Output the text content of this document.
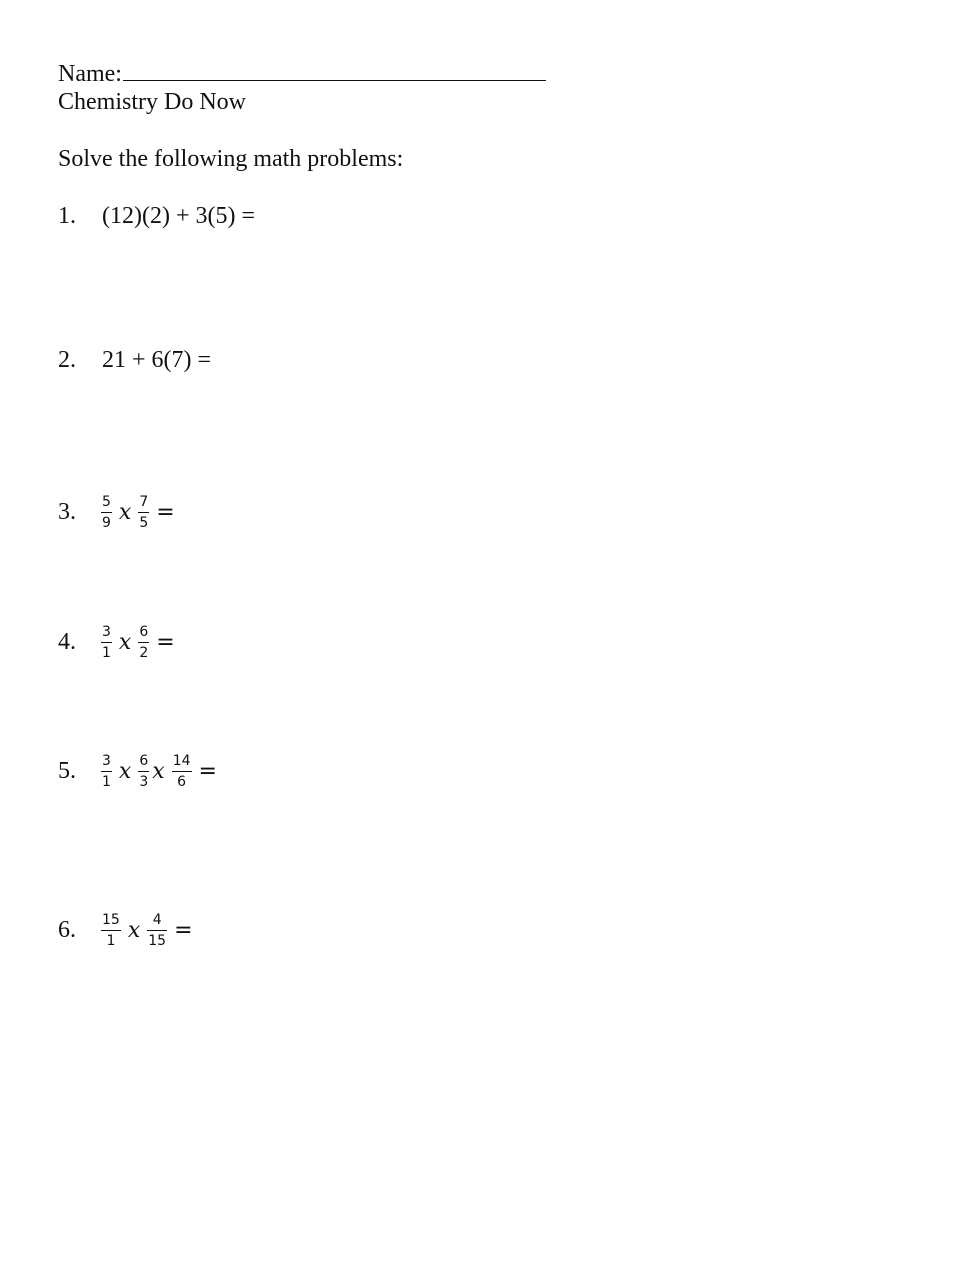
Name:
Chemistry Do Now
Solve the following math problems:
1.	(12)(2) + 3(5) =
2.	21 + 6(7) =
3.	$\frac{5}{9}$ x $\frac{7}{5}$ =
4.	$\frac{3}{1}$ x $\frac{6}{2}$ =
5.	$\frac{3}{1}$ x $\frac{6}{3}$ x $\frac{14}{6}$ =
6.	$\frac{15}{1}$ x $\frac{4}{15}$ =
